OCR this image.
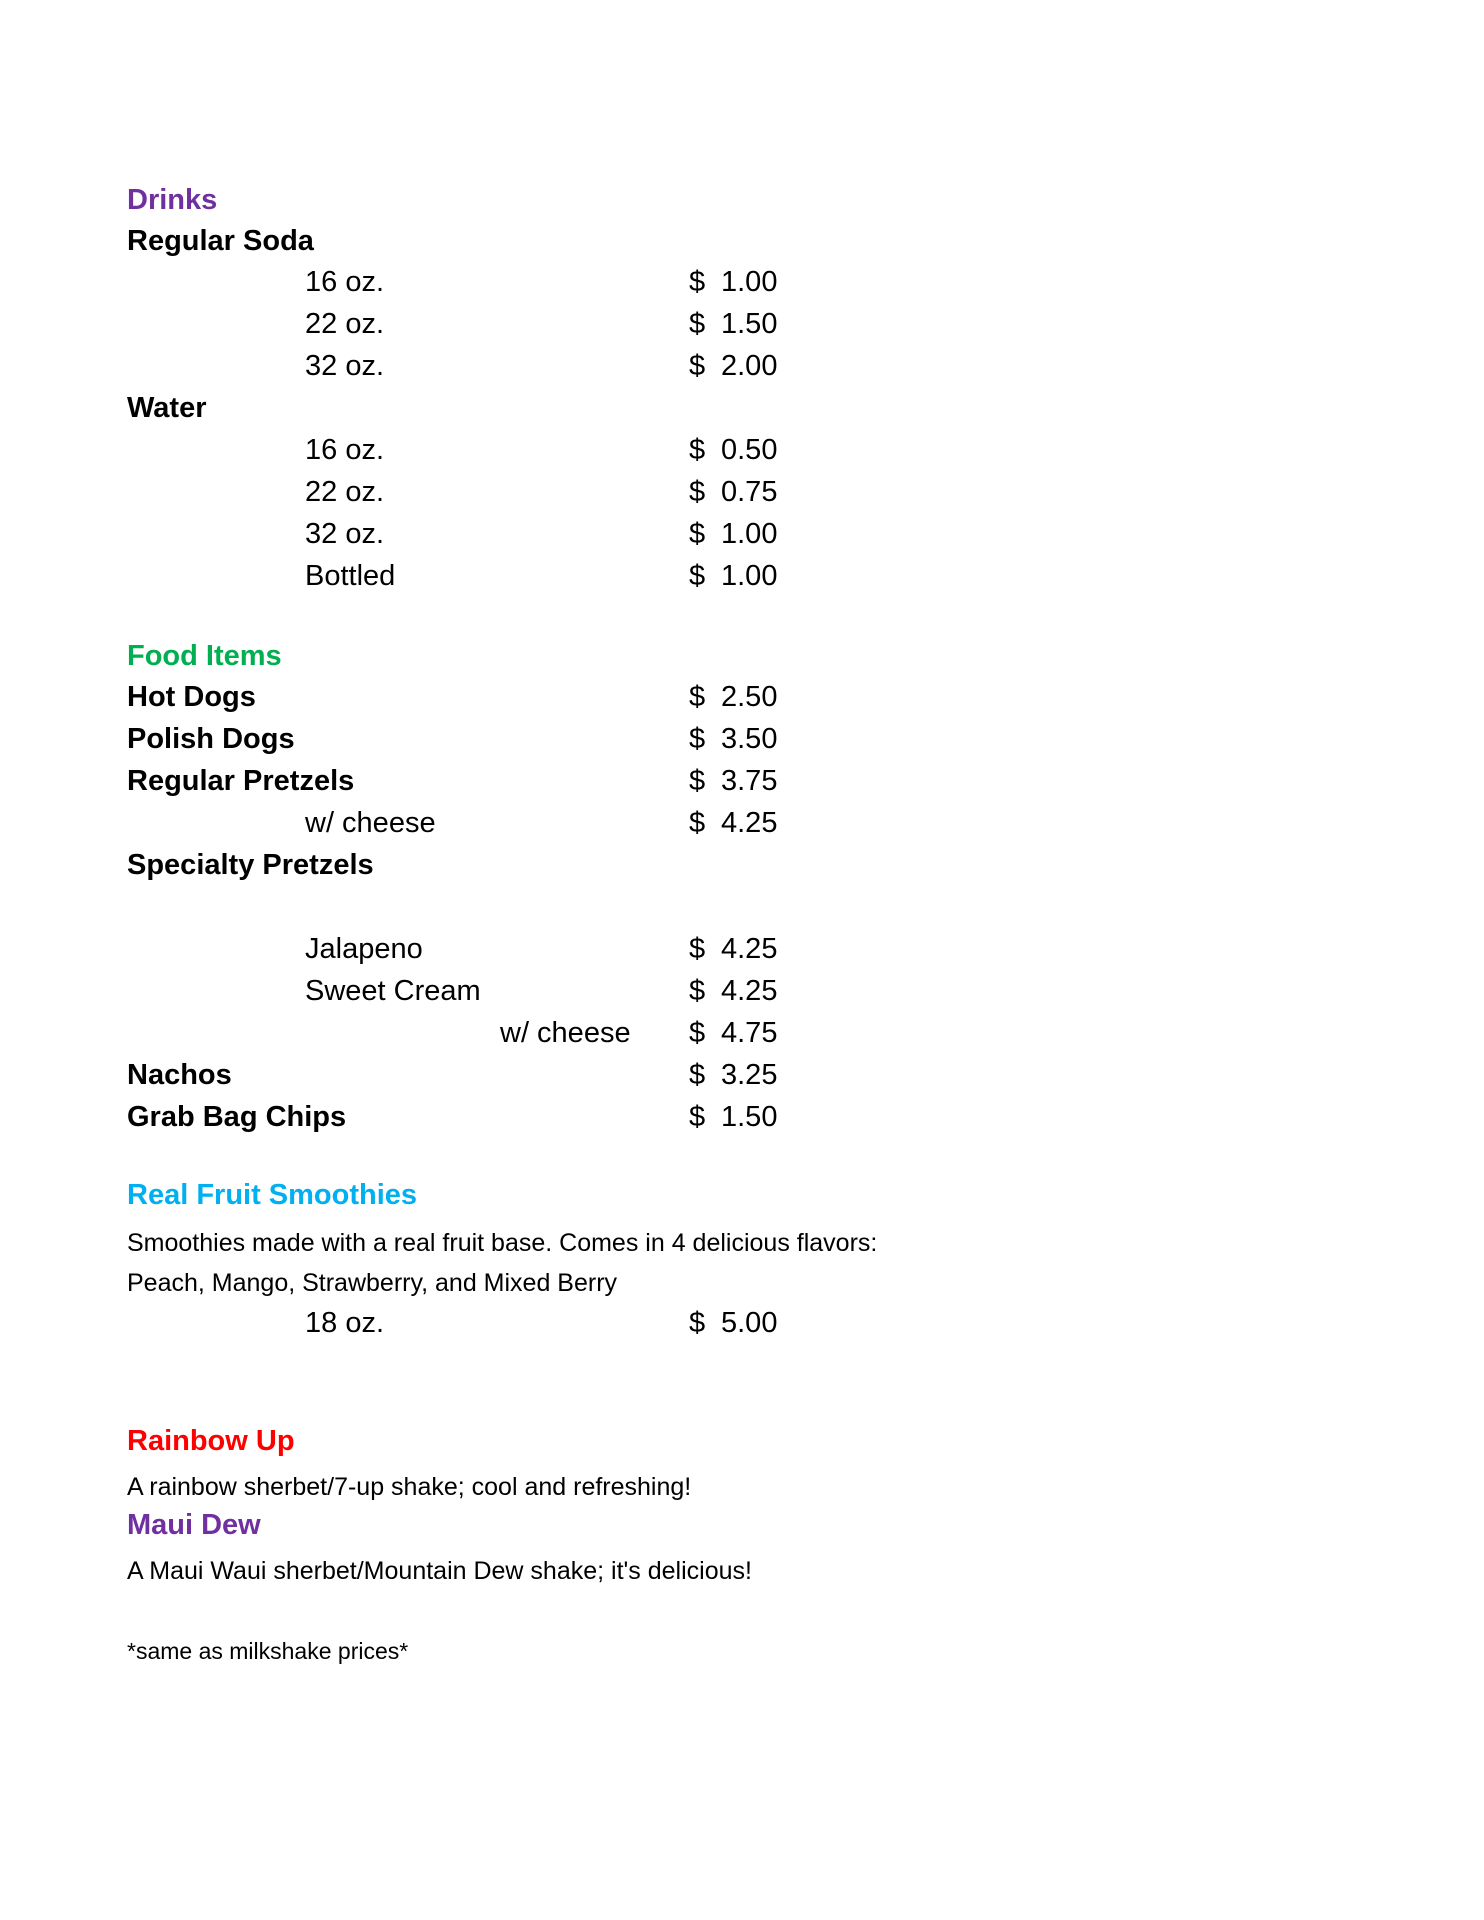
Drinks
Regular Soda
16 oz.	$ 1.00
22 oz.	$ 1.50
32 oz.	$ 2.00
Water
16 oz.	$ 0.50
22 oz.	$ 0.75
32 oz.	$ 1.00
Bottled	$ 1.00
Food Items
Hot Dogs	$ 2.50
Polish Dogs	$ 3.50
Regular Pretzels	$ 3.75
w/ cheese	$ 4.25
Specialty Pretzels
Jalapeno	$ 4.25
Sweet Cream	$ 4.25
w/ cheese $ 4.75
Nachos	$ 3.25
Grab Bag Chips	$ 1.50
Real Fruit Smoothies
Smoothies made with a real fruit base. Comes in 4 delicious flavors:
Peach, Mango, Strawberry, and Mixed Berry
18 oz.	$ 5.00
Rainbow Up
A rainbow sherbet/7-up shake; cool and refreshing!
Maui Dew
A Maui Waui sherbet/Mountain Dew shake; it's delicious!
*same as milkshake prices*
